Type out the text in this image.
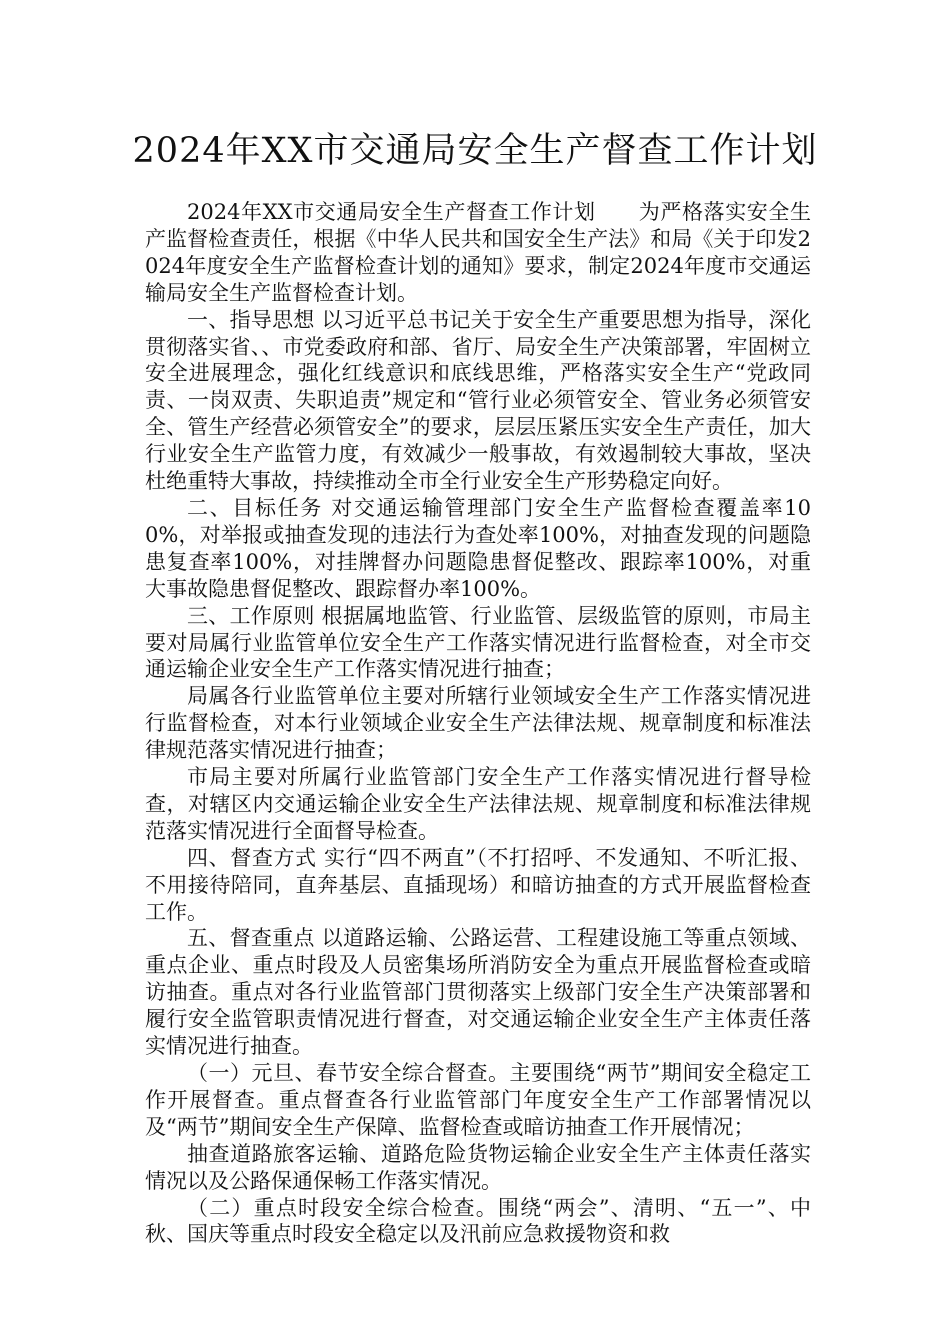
2024年XX市交通局安全生产督查工作计划

2024年XX市交通局安全生产督查工作计划　　为严格落实安全生产监督检查责任，根据《中华人民共和国安全生产法》和局《关于印发2024年度安全生产监督检查计划的通知》要求，制定2024年度市交通运输局安全生产监督检查计划。

一、指导思想 以习近平总书记关于安全生产重要思想为指导，深化贯彻落实省、、市党委政府和部、省厅、局安全生产决策部署，牢固树立安全进展理念，强化红线意识和底线思维，严格落实安全生产“党政同责、一岗双责、失职追责”规定和“管行业必须管安全、管业务必须管安全、管生产经营必须管安全”的要求，层层压紧压实安全生产责任，加大行业安全生产监管力度，有效减少一般事故，有效遏制较大事故，坚决杜绝重特大事故，持续推动全市全行业安全生产形势稳定向好。

二、目标任务 对交通运输管理部门安全生产监督检查覆盖率100%，对举报或抽查发现的违法行为查处率100%，对抽查发现的问题隐患复查率100%，对挂牌督办问题隐患督促整改、跟踪率100%，对重大事故隐患督促整改、跟踪督办率100%。

三、工作原则 根据属地监管、行业监管、层级监管的原则，市局主要对局属行业监管单位安全生产工作落实情况进行监督检查，对全市交通运输企业安全生产工作落实情况进行抽查；

局属各行业监管单位主要对所辖行业领域安全生产工作落实情况进行监督检查，对本行业领域企业安全生产法律法规、规章制度和标准法律规范落实情况进行抽查；

市局主要对所属行业监管部门安全生产工作落实情况进行督导检查，对辖区内交通运输企业安全生产法律法规、规章制度和标准法律规范落实情况进行全面督导检查。

四、督查方式 实行“四不两直”（不打招呼、不发通知、不听汇报、不用接待陪同，直奔基层、直插现场）和暗访抽查的方式开展监督检查工作。

五、督查重点 以道路运输、公路运营、工程建设施工等重点领域、重点企业、重点时段及人员密集场所消防安全为重点开展监督检查或暗访抽查。重点对各行业监管部门贯彻落实上级部门安全生产决策部署和履行安全监管职责情况进行督查，对交通运输企业安全生产主体责任落实情况进行抽查。

（一）元旦、春节安全综合督查。主要围绕“两节”期间安全稳定工作开展督查。重点督查各行业监管部门年度安全生产工作部署情况以及“两节”期间安全生产保障、监督检查或暗访抽查工作开展情况；

抽查道路旅客运输、道路危险货物运输企业安全生产主体责任落实情况以及公路保通保畅工作落实情况。

（二）重点时段安全综合检查。围绕“两会”、清明、“五一”、中秋、国庆等重点时段安全稳定以及汛前应急救援物资和救
